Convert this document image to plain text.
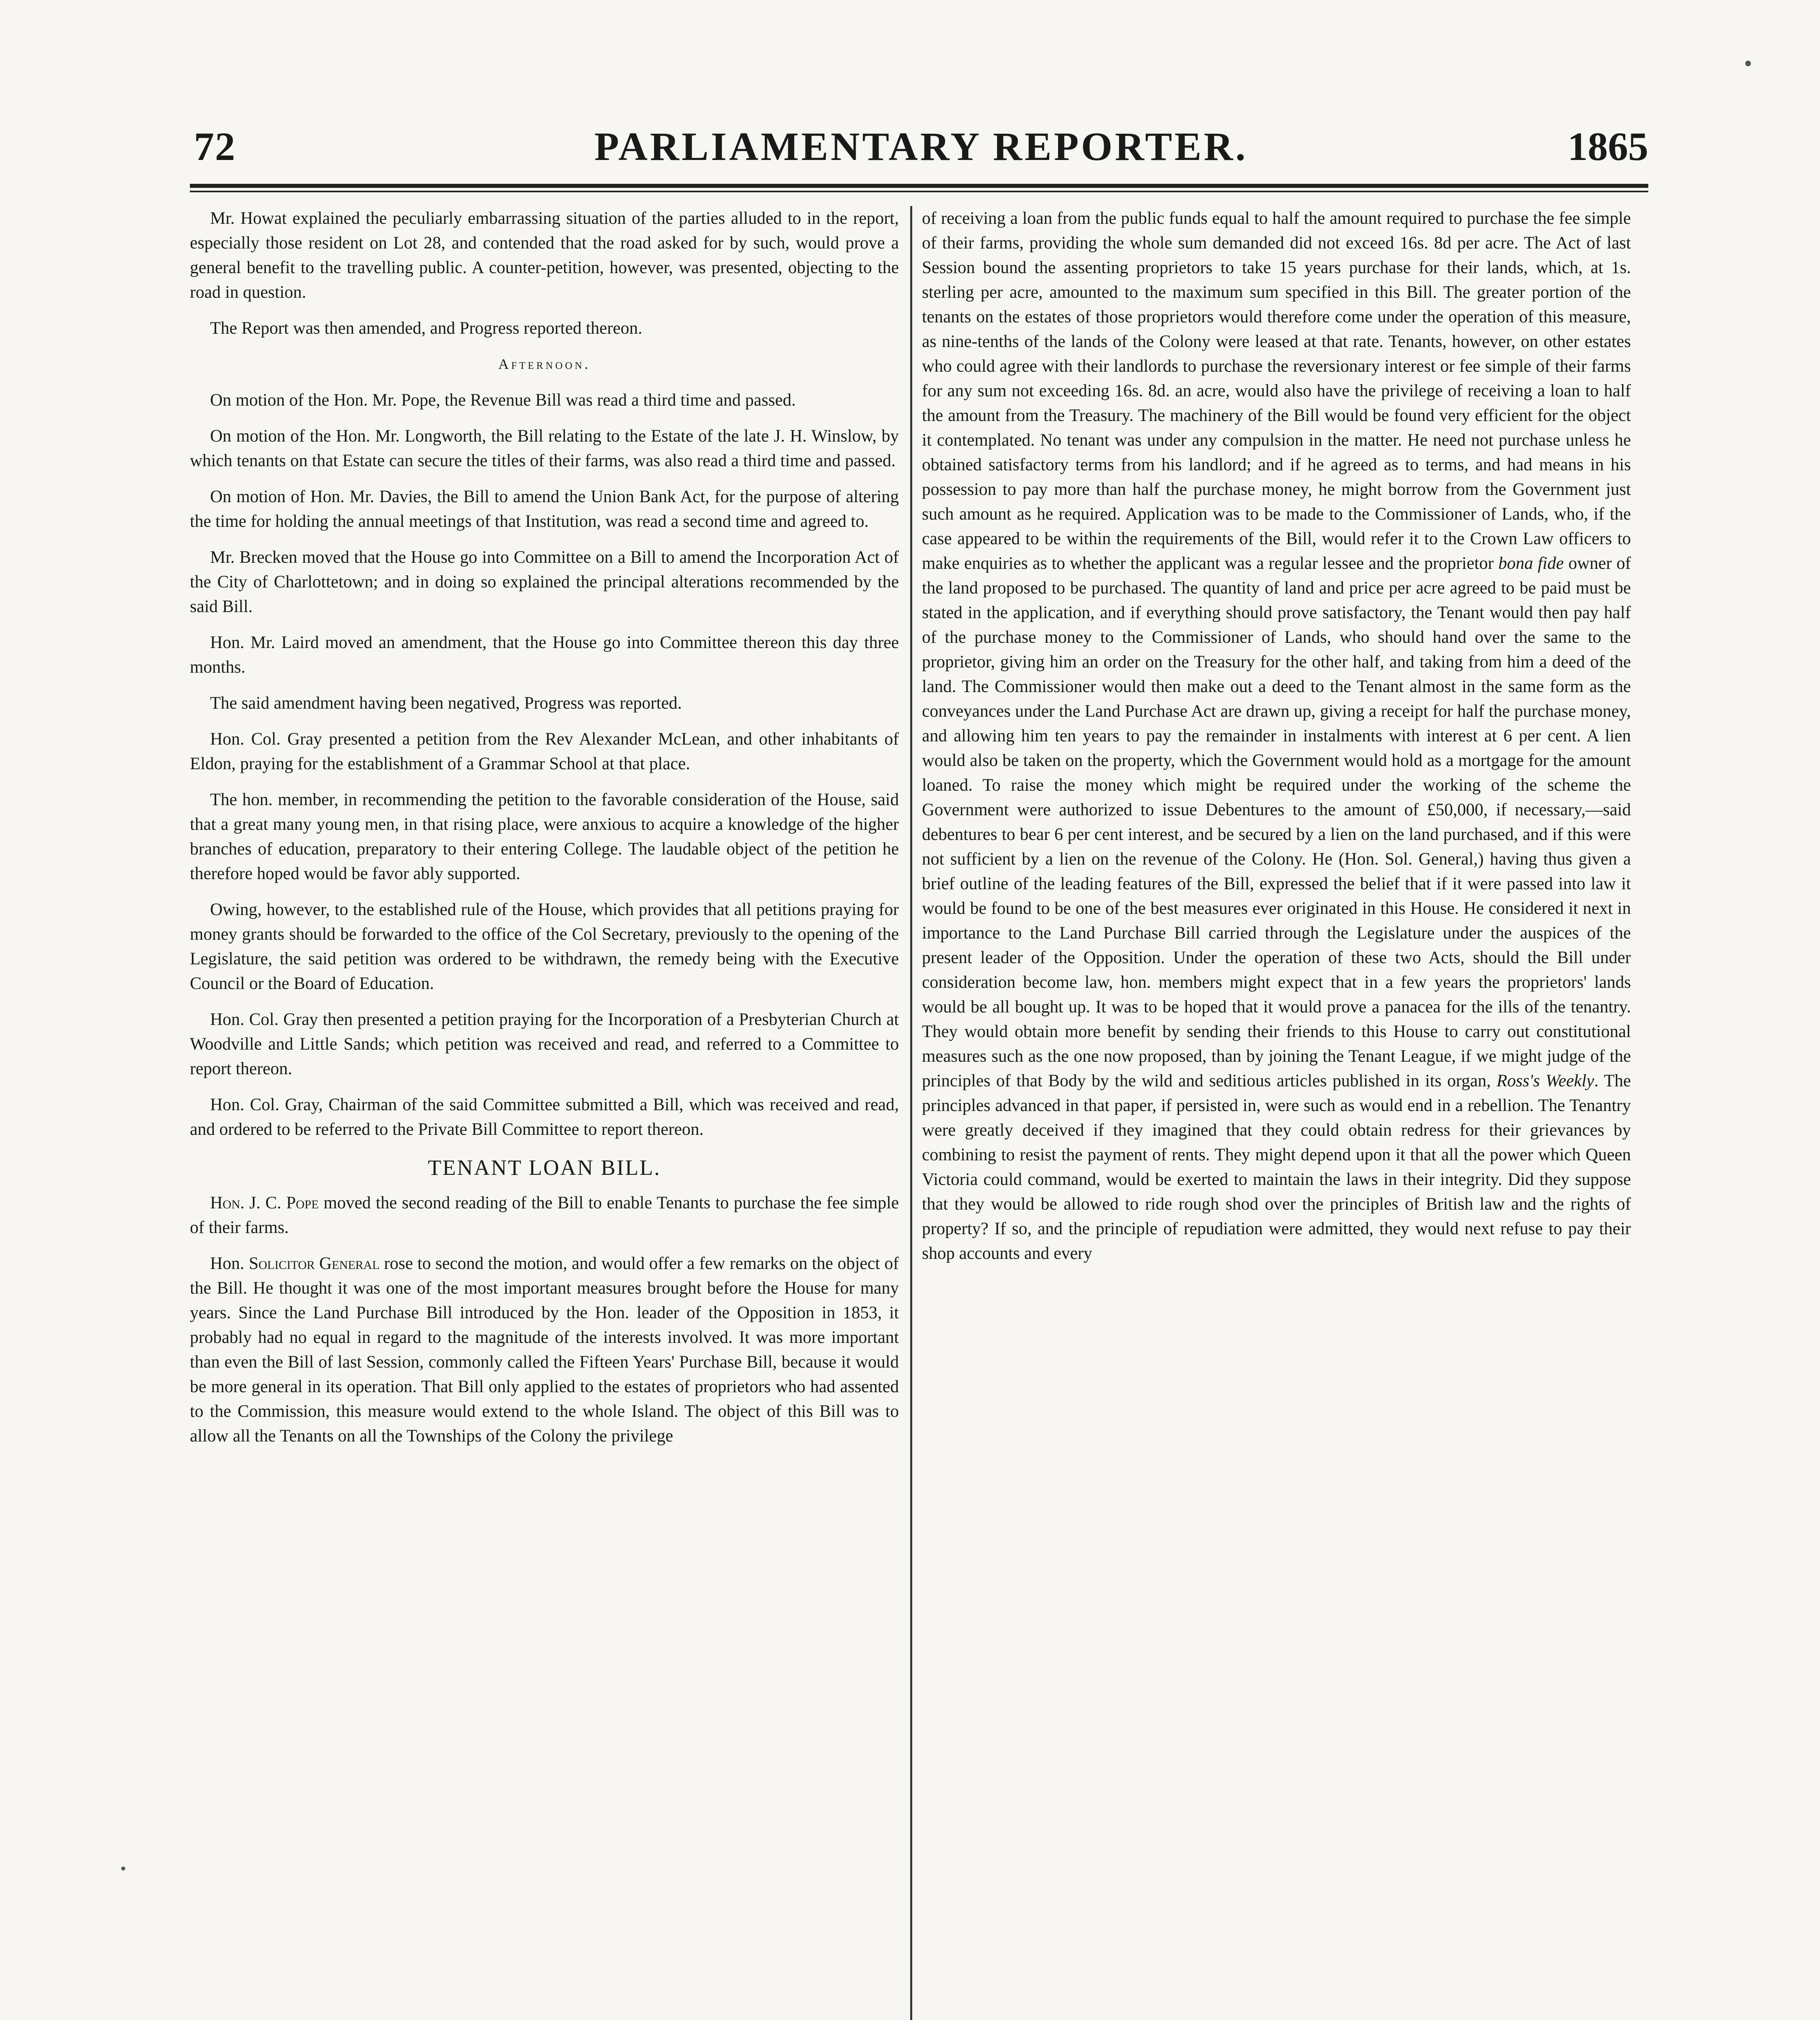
72	PARLIAMENTARY REPORTER.	1865

Mr. Howat explained the peculiarly embarrassing situation of the parties alluded to in the report, especially those resident on Lot 28, and contended that the road asked for by such, would prove a general benefit to the travelling public. A counter-petition, however, was presented, objecting to the road in question.

The Report was then amended, and Progress reported thereon.

Afternoon.

On motion of the Hon. Mr. Pope, the Revenue Bill was read a third time and passed.

On motion of the Hon. Mr. Longworth, the Bill relating to the Estate of the late J. H. Winslow, by which tenants on that Estate can secure the titles of their farms, was also read a third time and passed.

On motion of Hon. Mr. Davies, the Bill to amend the Union Bank Act, for the purpose of altering the time for holding the annual meetings of that Institution, was read a second time and agreed to.

Mr. Brecken moved that the House go into Committee on a Bill to amend the Incorporation Act of the City of Charlottetown; and in doing so explained the principal alterations recommended by the said Bill.

Hon. Mr. Laird moved an amendment, that the House go into Committee thereon this day three months.

The said amendment having been negatived, Progress was reported.

Hon. Col. Gray presented a petition from the Rev Alexander McLean, and other inhabitants of Eldon, praying for the establishment of a Grammar School at that place.

The hon. member, in recommending the petition to the favorable consideration of the House, said that a great many young men, in that rising place, were anxious to acquire a knowledge of the higher branches of education, preparatory to their entering College. The laudable object of the petition he therefore hoped would be favor ably supported.

Owing, however, to the established rule of the House, which provides that all petitions praying for money grants should be forwarded to the office of the Col Secretary, previously to the opening of the Legislature, the said petition was ordered to be withdrawn, the remedy being with the Executive Council or the Board of Education.

Hon. Col. Gray then presented a petition praying for the Incorporation of a Presbyterian Church at Woodville and Little Sands; which petition was received and read, and referred to a Committee to report thereon.

Hon. Col. Gray, Chairman of the said Committee submitted a Bill, which was received and read, and ordered to be referred to the Private Bill Committee to report thereon.

TENANT LOAN BILL.

Hon. J. C. Pope moved the second reading of the Bill to enable Tenants to purchase the fee simple of their farms.

Hon. Solicitor General rose to second the motion, and would offer a few remarks on the object of the Bill. He thought it was one of the most important measures brought before the House for many years. Since the Land Purchase Bill introduced by the Hon. leader of the Opposition in 1853, it probably had no equal in regard to the magnitude of the interests involved. It was more important than even the Bill of last Session, commonly called the Fifteen Years' Purchase Bill, because it would be more general in its operation. That Bill only applied to the estates of proprietors who had assented to the Commission, this measure would extend to the whole Island. The object of this Bill was to allow all the Tenants on all the Townships of the Colony the privilege

of receiving a loan from the public funds equal to half the amount required to purchase the fee simple of their farms, providing the whole sum demanded did not exceed 16s. 8d per acre. The Act of last Session bound the assenting proprietors to take 15 years purchase for their lands, which, at 1s. sterling per acre, amounted to the maximum sum specified in this Bill. The greater portion of the tenants on the estates of those proprietors would therefore come under the operation of this measure, as nine-tenths of the lands of the Colony were leased at that rate. Tenants, however, on other estates who could agree with their landlords to purchase the reversionary interest or fee simple of their farms for any sum not exceeding 16s. 8d. an acre, would also have the privilege of receiving a loan to half the amount from the Treasury. The machinery of the Bill would be found very efficient for the object it contemplated. No tenant was under any compulsion in the matter. He need not purchase unless he obtained satisfactory terms from his landlord; and if he agreed as to terms, and had means in his possession to pay more than half the purchase money, he might borrow from the Government just such amount as he required. Application was to be made to the Commissioner of Lands, who, if the case appeared to be within the requirements of the Bill, would refer it to the Crown Law officers to make enquiries as to whether the applicant was a regular lessee and the proprietor bona fide owner of the land proposed to be purchased. The quantity of land and price per acre agreed to be paid must be stated in the application, and if everything should prove satisfactory, the Tenant would then pay half of the purchase money to the Commissioner of Lands, who should hand over the same to the proprietor, giving him an order on the Treasury for the other half, and taking from him a deed of the land. The Commissioner would then make out a deed to the Tenant almost in the same form as the conveyances under the Land Purchase Act are drawn up, giving a receipt for half the purchase money, and allowing him ten years to pay the remainder in instalments with interest at 6 per cent. A lien would also be taken on the property, which the Government would hold as a mortgage for the amount loaned. To raise the money which might be required under the working of the scheme the Government were authorized to issue Debentures to the amount of £50,000, if necessary,—said debentures to bear 6 per cent interest, and be secured by a lien on the land purchased, and if this were not sufficient by a lien on the revenue of the Colony. He (Hon. Sol. General,) having thus given a brief outline of the leading features of the Bill, expressed the belief that if it were passed into law it would be found to be one of the best measures ever originated in this House. He considered it next in importance to the Land Purchase Bill carried through the Legislature under the auspices of the present leader of the Opposition. Under the operation of these two Acts, should the Bill under consideration become law, hon. members might expect that in a few years the proprietors' lands would be all bought up. It was to be hoped that it would prove a panacea for the ills of the tenantry. They would obtain more benefit by sending their friends to this House to carry out constitutional measures such as the one now proposed, than by joining the Tenant League, if we might judge of the principles of that Body by the wild and seditious articles published in its organ, Ross's Weekly. The principles advanced in that paper, if persisted in, were such as would end in a rebellion. The Tenantry were greatly deceived if they imagined that they could obtain redress for their grievances by combining to resist the payment of rents. They might depend upon it that all the power which Queen Victoria could command, would be exerted to maintain the laws in their integrity. Did they suppose that they would be allowed to ride rough shod over the principles of British law and the rights of property? If so, and the principle of repudiation were admitted, they would next refuse to pay their shop accounts and every
